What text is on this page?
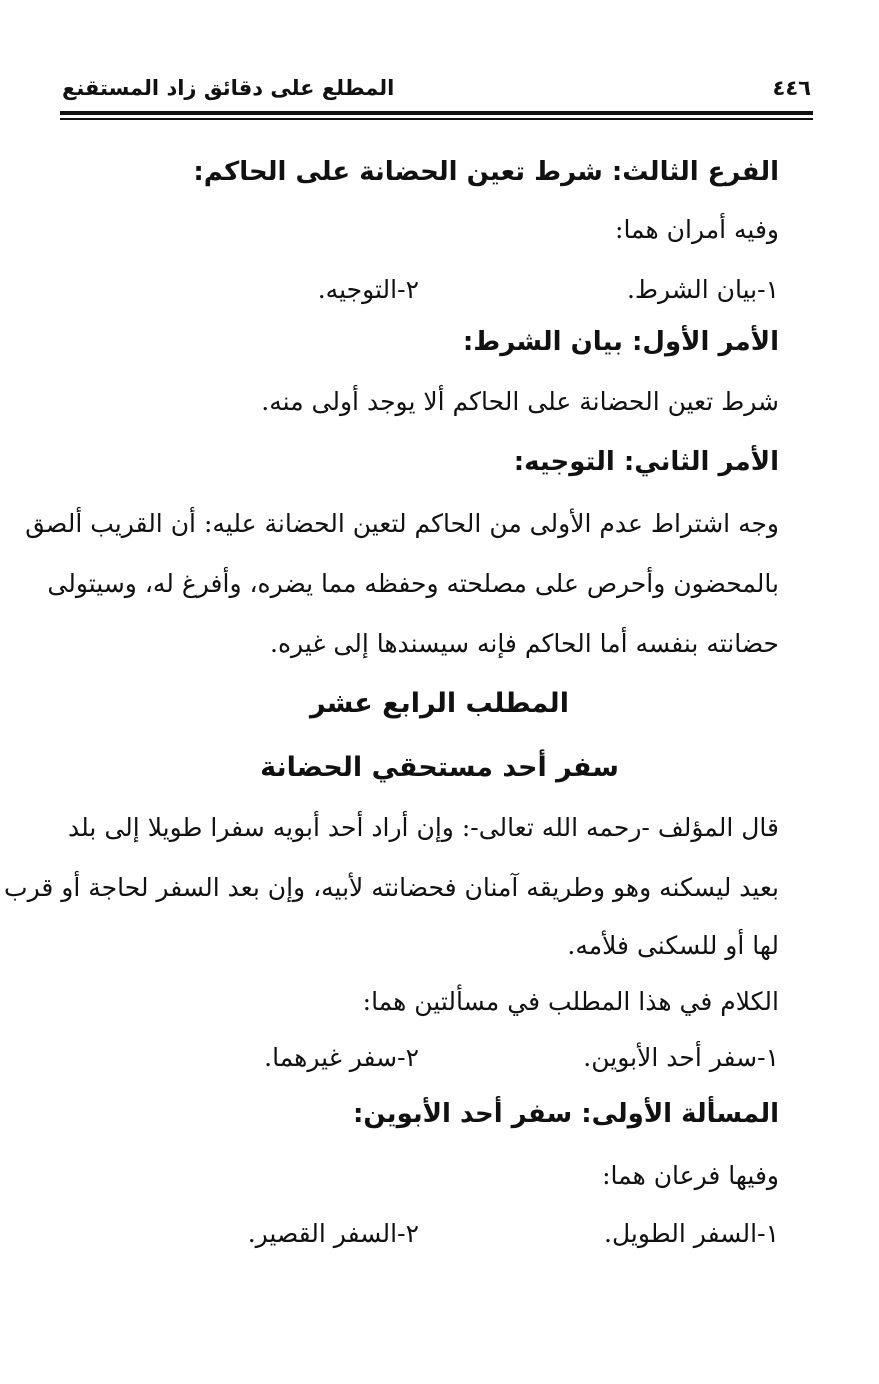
المطلع على دقائق زاد المستقنع	٤٤٦
الفرع الثالث: شرط تعين الحضانة على الحاكم:
وفيه أمران هما:
١-بيان الشرط.
٢-التوجيه.
الأمر الأول: بيان الشرط:
شرط تعين الحضانة على الحاكم ألا يوجد أولى منه.
الأمر الثاني: التوجيه:
وجه اشتراط عدم الأولى من الحاكم لتعين الحضانة عليه: أن القريب ألصق
بالمحضون وأحرص على مصلحته وحفظه مما يضره، وأفرغ له، وسيتولى
حضانته بنفسه أما الحاكم فإنه سيسندها إلى غيره.
المطلب الرابع عشر
سفر أحد مستحقي الحضانة
قال المؤلف -رحمه الله تعالى-: وإن أراد أحد أبويه سفرا طويلا إلى بلد
بعيد ليسكنه وهو وطريقه آمنان فحضانته لأبيه، وإن بعد السفر لحاجة أو قرب
لها أو للسكنى فلأمه.
الكلام في هذا المطلب في مسألتين هما:
١-سفر أحد الأبوين.
٢-سفر غيرهما.
المسألة الأولى: سفر أحد الأبوين:
وفيها فرعان هما:
١-السفر الطويل.
٢-السفر القصير.
